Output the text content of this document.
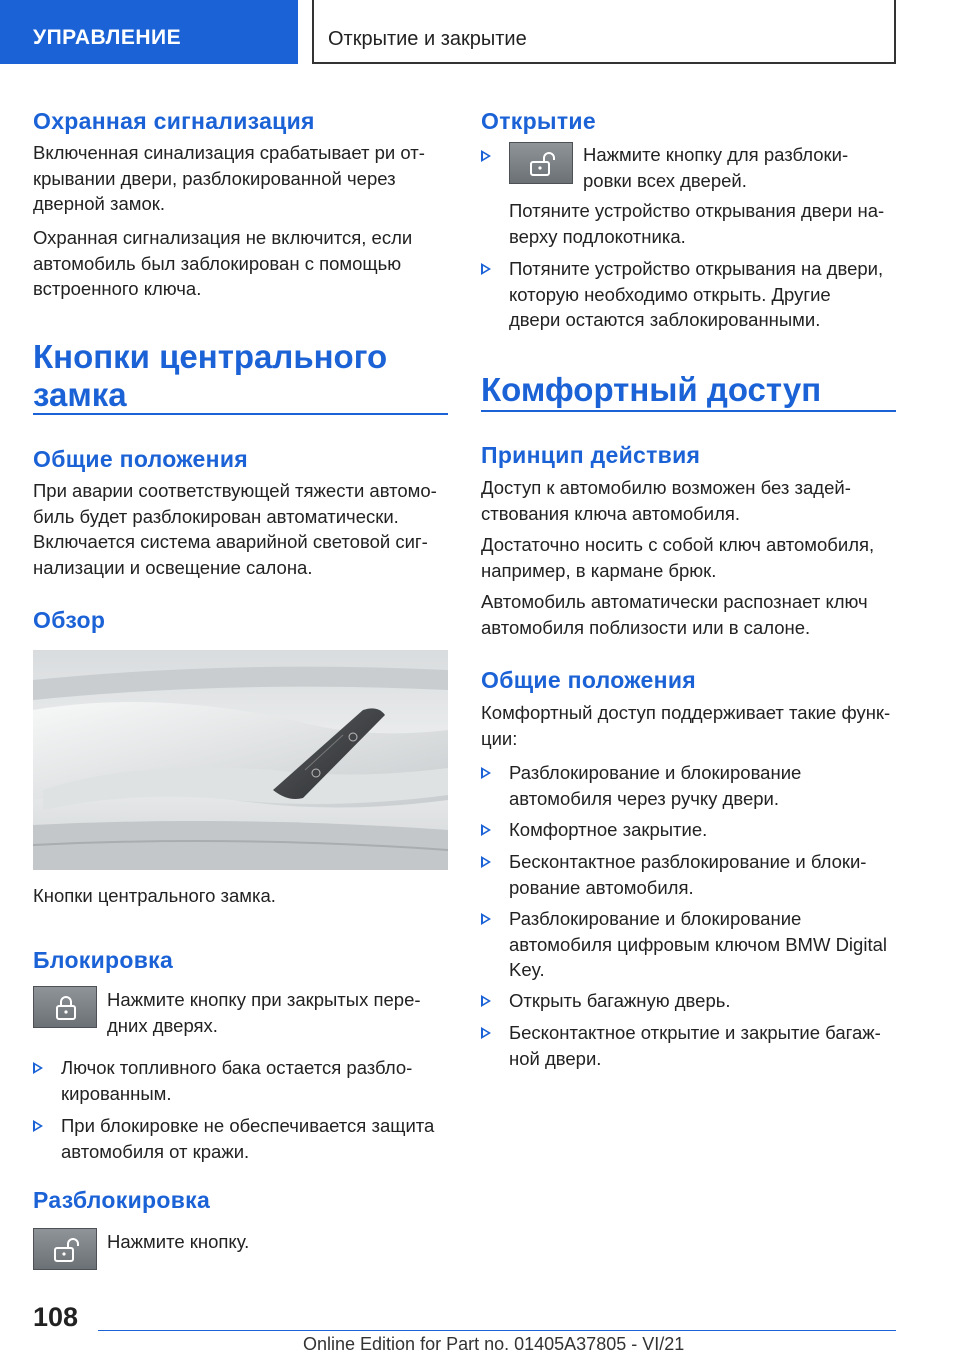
УПРАВЛЕНИЕ	Открытие и закрытие
Охранная сигнализация

Включенная синализация срабатывает ри от-
крывании двери, разблокированной через
дверной замок.

Охранная сигнализация не включится, если
автомобиль был заблокирован с помощью
встроенного ключа.

Кнопки центрального
замка
Общие положения

При аварии соответствующей тяжести автомо-
биль будет разблокирован автоматически.
Включается система аварийной световой сиг-
нализации и освещение салона.

Обзор

Кнопки центрального замка.

Блокировка

Нажмите кнопку при закрытых пере-
дних дверях.

Лючок топливного бака остается разбло-
кированным.
При блокировке не обеспечивается защита
автомобиля от кражи.
Разблокировка

Нажмите кнопку.

Открытие

Нажмите кнопку для разблоки-
ровки всех дверей.

Потяните устройство открывания двери на-
верху подлокотника.

Потяните устройство открывания на двери,
которую необходимо открыть. Другие
двери остаются заблокированными.
Комфортный доступ
Принцип действия

Доступ к автомобилю возможен без задей-
ствования ключа автомобиля.

Достаточно носить с собой ключ автомобиля,
например, в кармане брюк.

Автомобиль автоматически распознает ключ
автомобиля поблизости или в салоне.

Общие положения

Комфортный доступ поддерживает такие функ-
ции:

Разблокирование и блокирование
автомобиля через ручку двери.
Комфортное закрытие.
Бесконтактное разблокирование и блоки-
рование автомобиля.
Разблокирование и блокирование
автомобиля цифровым ключом BMW Digital
Key.
Открыть багажную дверь.
Бесконтактное открытие и закрытие багаж-
ной двери.
108
Online Edition for Part no. 01405A37805 - VI/21
